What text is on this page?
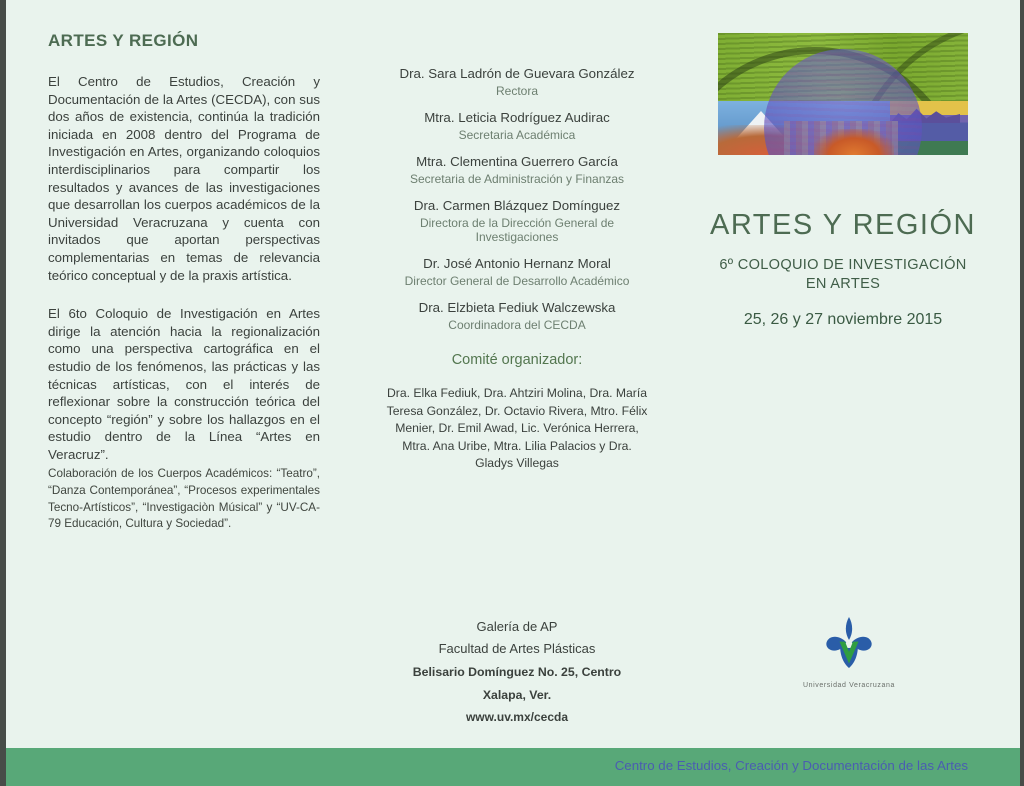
ARTES Y REGIÓN
El Centro de Estudios, Creación y Documentación de la Artes (CECDA), con sus dos años de existencia, continúa la tradición iniciada en 2008 dentro del Programa de Investigación en Artes, organizando coloquios interdisciplinarios para compartir los resultados y avances de las investigaciones que desarrollan los cuerpos académicos de la Universidad Veracruzana y cuenta con invitados que aportan perspectivas complementarias en temas de relevancia teórico conceptual y de la praxis artística.
El 6to Coloquio de Investigación en Artes dirige la atención hacia la regionalización como una perspectiva cartográfica en el estudio de los fenómenos, las prácticas y las técnicas artísticas, con el interés de reflexionar sobre la construcción teórica del concepto “región” y sobre los hallazgos en el estudio dentro de la Línea “Artes en Veracruz”.
Colaboración de los Cuerpos Académicos: “Teatro”, “Danza Contemporánea”, “Procesos experimentales Tecno-Artísticos”, “Investigaciòn Músical” y “UV-CA-79 Educación, Cultura y Sociedad”.
Dra. Sara Ladrón de Guevara González
Rectora
Mtra. Leticia Rodríguez Audirac
Secretaria Académica
Mtra. Clementina Guerrero García
Secretaria de Administración y Finanzas
Dra. Carmen Blázquez Domínguez
Directora de la Dirección General de Investigaciones
Dr. José Antonio Hernanz Moral
Director General de Desarrollo Académico
Dra. Elzbieta Fediuk Walczewska
Coordinadora del CECDA
Comité organizador:
Dra. Elka Fediuk, Dra. Ahtziri Molina, Dra. María Teresa González, Dr. Octavio Rivera, Mtro. Félix Menier, Dr. Emil Awad, Lic. Verónica Herrera, Mtra. Ana Uribe, Mtra. Lilia Palacios y Dra. Gladys Villegas
Galería de AP
Facultad de Artes Plásticas
Belisario Domínguez No. 25, Centro
Xalapa, Ver.
www.uv.mx/cecda
ARTES Y REGIÓN
6º COLOQUIO DE INVESTIGACIÓN
EN ARTES
25, 26 y 27 noviembre 2015
Universidad Veracruzana
Centro de Estudios, Creación y Documentación de las Artes
